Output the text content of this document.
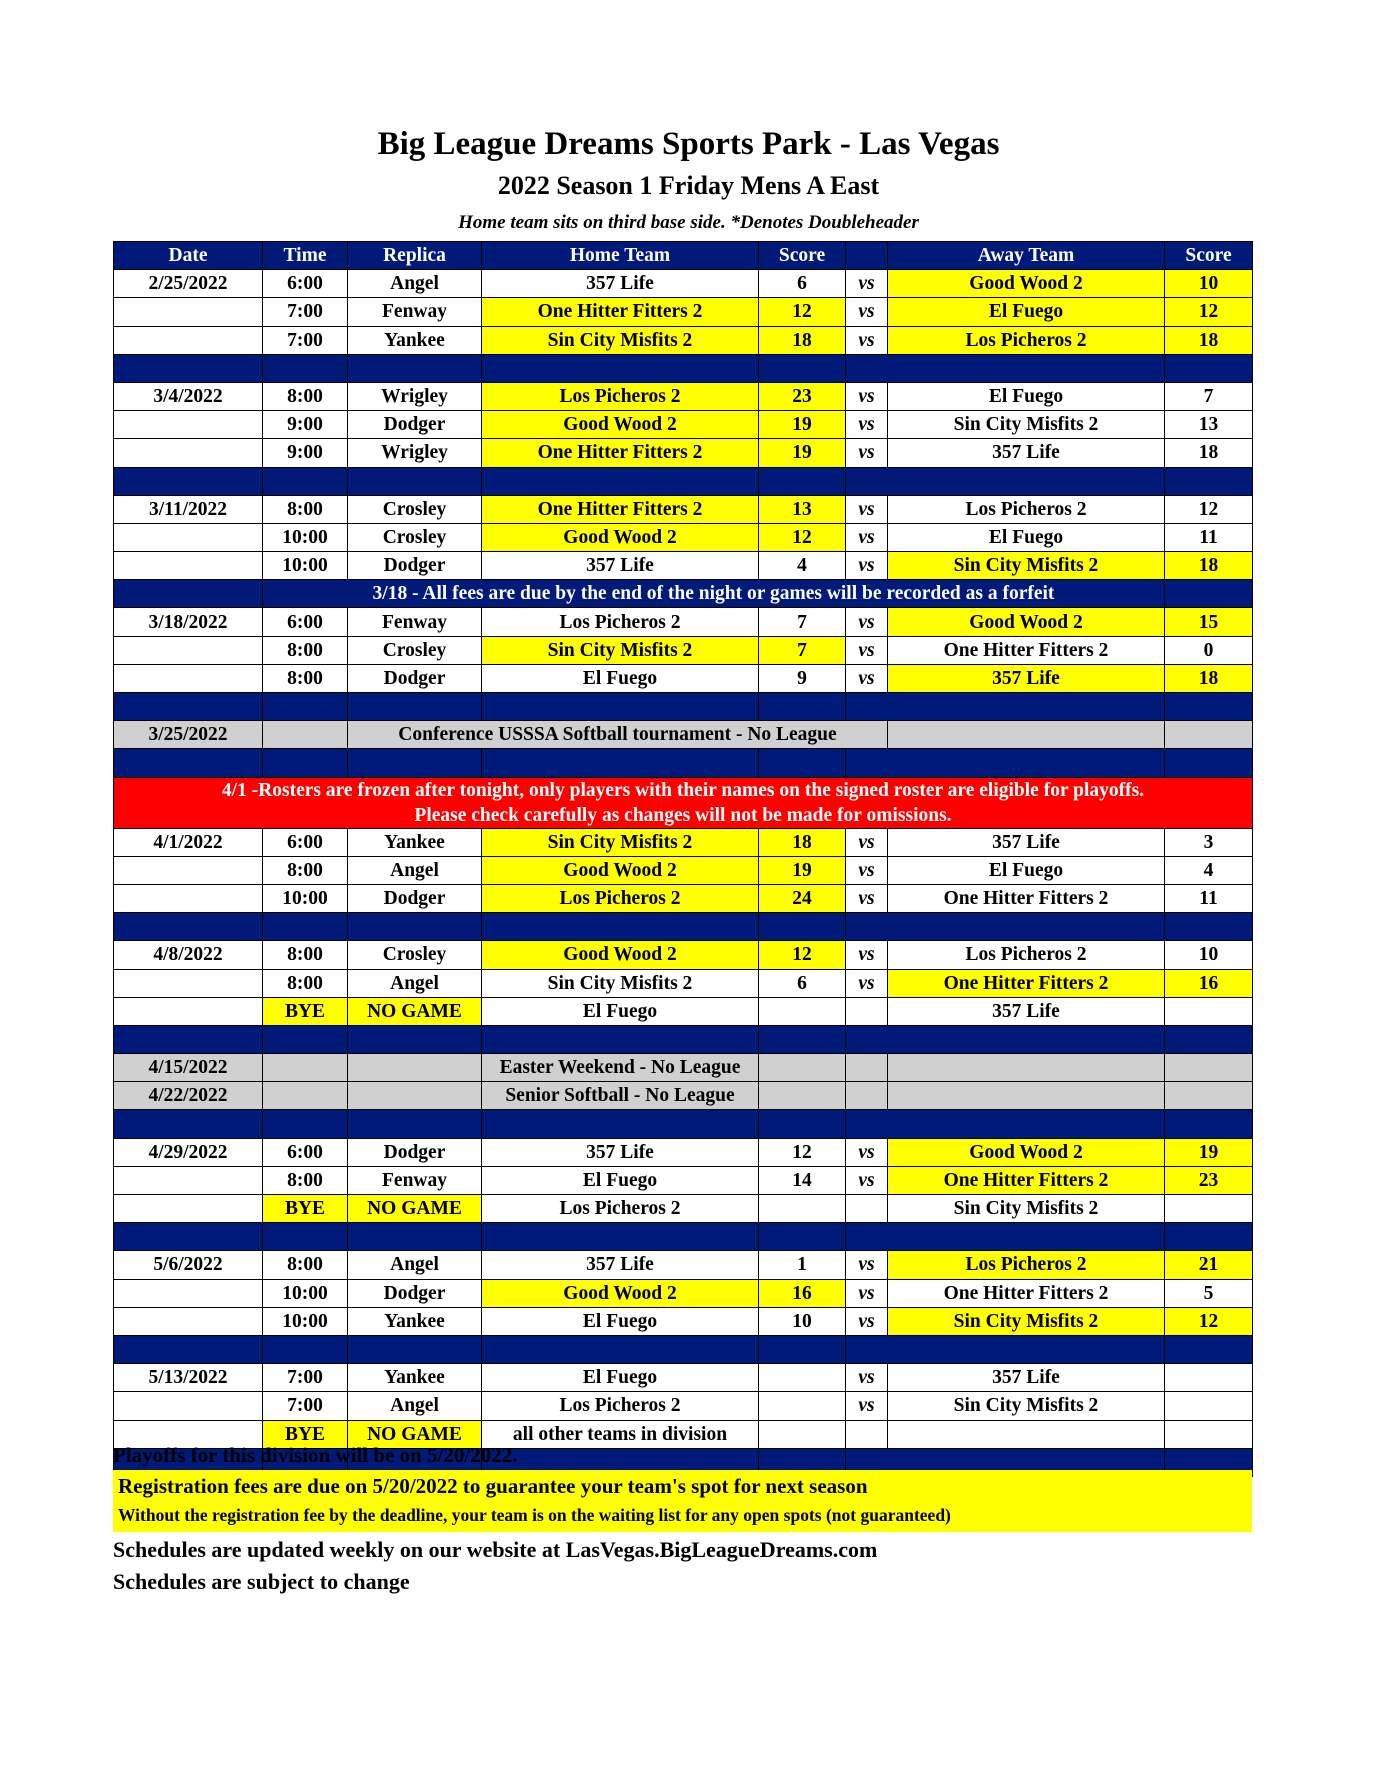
Big League Dreams Sports Park - Las Vegas
2022 Season 1 Friday Mens A East
Home team sits on third base side. *Denotes Doubleheader
Date	Time	Replica	Home Team	Score		Away Team	Score	
2/25/2022	6:00	Angel	357 Life	6	vs	Good Wood 2	10	
	7:00	Fenway	One Hitter Fitters 2	12	vs	El Fuego	12	
	7:00	Yankee	Sin City Misfits 2	18	vs	Los Picheros 2	18	

3/4/2022	8:00	Wrigley	Los Picheros 2	23	vs	El Fuego	7	
	9:00	Dodger	Good Wood 2	19	vs	Sin City Misfits 2	13	
	9:00	Wrigley	One Hitter Fitters 2	19	vs	357 Life	18	

3/11/2022	8:00	Crosley	One Hitter Fitters 2	13	vs	Los Picheros 2	12	
	10:00	Crosley	Good Wood 2	12	vs	El Fuego	11	
	10:00	Dodger	357 Life	4	vs	Sin City Misfits 2	18	
	3/18 - All fees are due by the end of the night or games will be recorded as a forfeit							
3/18/2022	6:00	Fenway	Los Picheros 2	7	vs	Good Wood 2	15	
	8:00	Crosley	Sin City Misfits 2	7	vs	One Hitter Fitters 2	0	
	8:00	Dodger	El Fuego	9	vs	357 Life	18	

3/25/2022		Conference USSSA Softball tournament - No League						

4/1 -Rosters are frozen after tonight, only players with their names on the signed roster are eligible for playoffs.
Please check carefully as changes will not be made for omissions.								

4/1/2022	6:00	Yankee	Sin City Misfits 2	18	vs	357 Life	3	
	8:00	Angel	Good Wood 2	19	vs	El Fuego	4	
	10:00	Dodger	Los Picheros 2	24	vs	One Hitter Fitters 2	11	

4/8/2022	8:00	Crosley	Good Wood 2	12	vs	Los Picheros 2	10	
	8:00	Angel	Sin City Misfits 2	6	vs	One Hitter Fitters 2	16	
	BYE	NO GAME	El Fuego			357 Life		

4/15/2022			Easter Weekend - No League					
4/22/2022			Senior Softball - No League					

4/29/2022	6:00	Dodger	357 Life	12	vs	Good Wood 2	19	
	8:00	Fenway	El Fuego	14	vs	One Hitter Fitters 2	23	
	BYE	NO GAME	Los Picheros 2			Sin City Misfits 2		

5/6/2022	8:00	Angel	357 Life	1	vs	Los Picheros 2	21	
	10:00	Dodger	Good Wood 2	16	vs	One Hitter Fitters 2	5	
	10:00	Yankee	El Fuego	10	vs	Sin City Misfits 2	12	

5/13/2022	7:00	Yankee	El Fuego		vs	357 Life		
	7:00	Angel	Los Picheros 2		vs	Sin City Misfits 2		
	BYE	NO GAME	all other teams in division					

Playoffs for this division will be on 5/20/2022.
Registration fees are due on 5/20/2022 to guarantee your team's spot for next season
Without the registration fee by the deadline, your team is on the waiting list for any open spots (not guaranteed)
Schedules are updated weekly on our website at LasVegas.BigLeagueDreams.com
Schedules are subject to change
